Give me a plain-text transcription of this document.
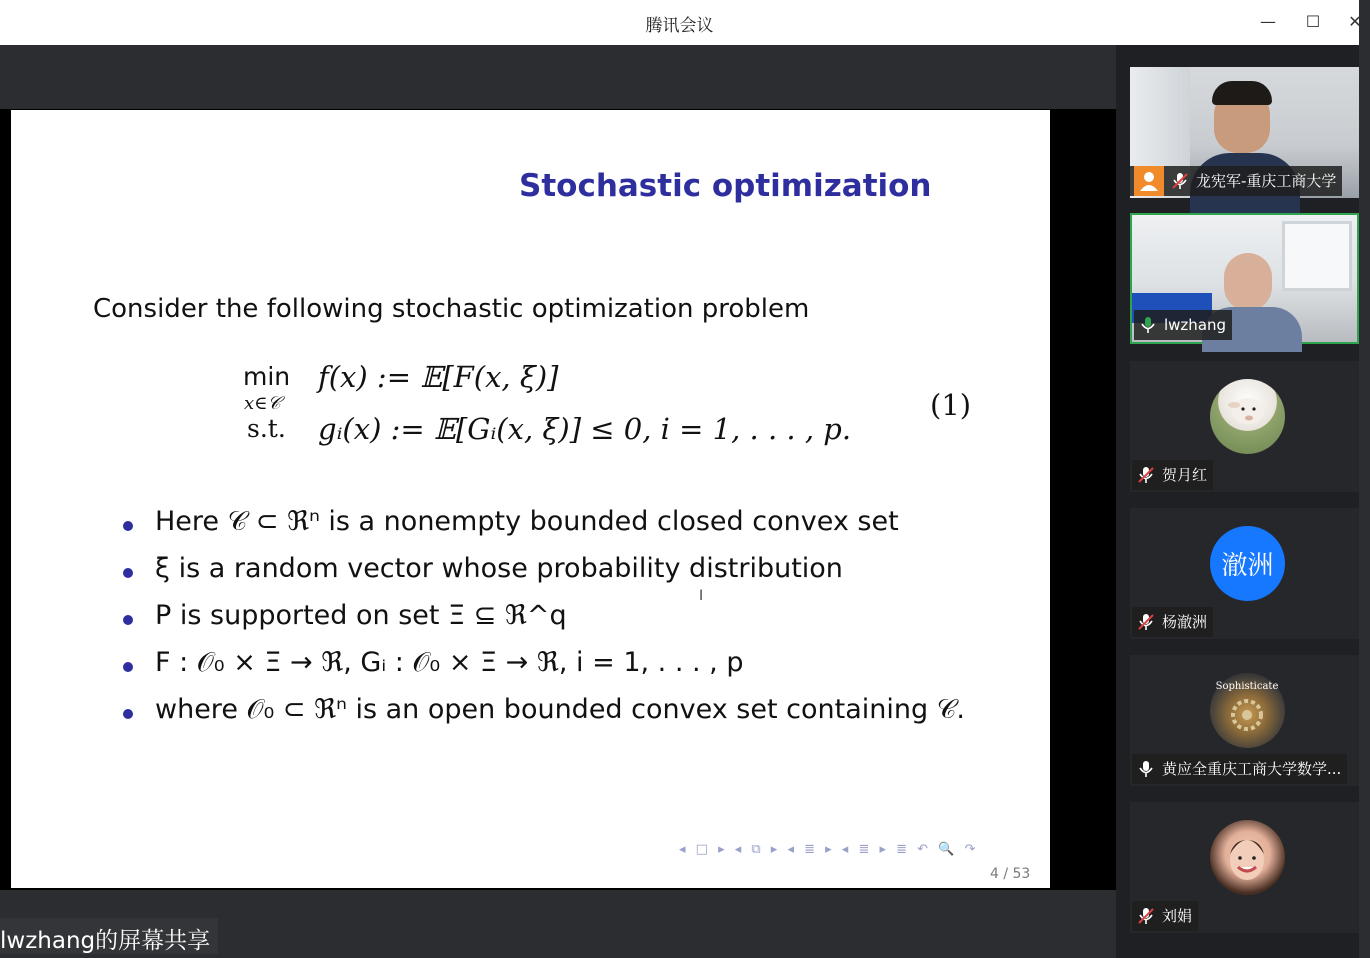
腾讯会议	—	☐	✕
Stochastic optimization
Consider the following stochastic optimization problem
min
x∈𝒞
f(x) := 𝔼[F(x, ξ)]
s.t. gᵢ(x) := 𝔼[Gᵢ(x, ξ)] ≤ 0, i = 1, . . . , p.
(1)
Here 𝒞 ⊂ ℜⁿ is a nonempty bounded closed convex set
ξ is a random vector whose probability distribution
P is supported on set Ξ ⊆ ℜ^q
F : 𝒪₀ × Ξ → ℜ, Gᵢ : 𝒪₀ × Ξ → ℜ, i = 1, . . . , p
where 𝒪₀ ⊂ ℜⁿ is an open bounded convex set containing 𝒞.
I
◂ □ ▸ ◂ ⧉ ▸ ◂ ≣ ▸ ◂ ≣ ▸ ≣ ↶ 🔍 ↷
4 / 53
lwzhang的屏幕共享
龙宪军-重庆工商大学
lwzhang
贺月红
澈洲
杨澈洲
Sophisticate
黄应全重庆工商大学数学...
刘娟
